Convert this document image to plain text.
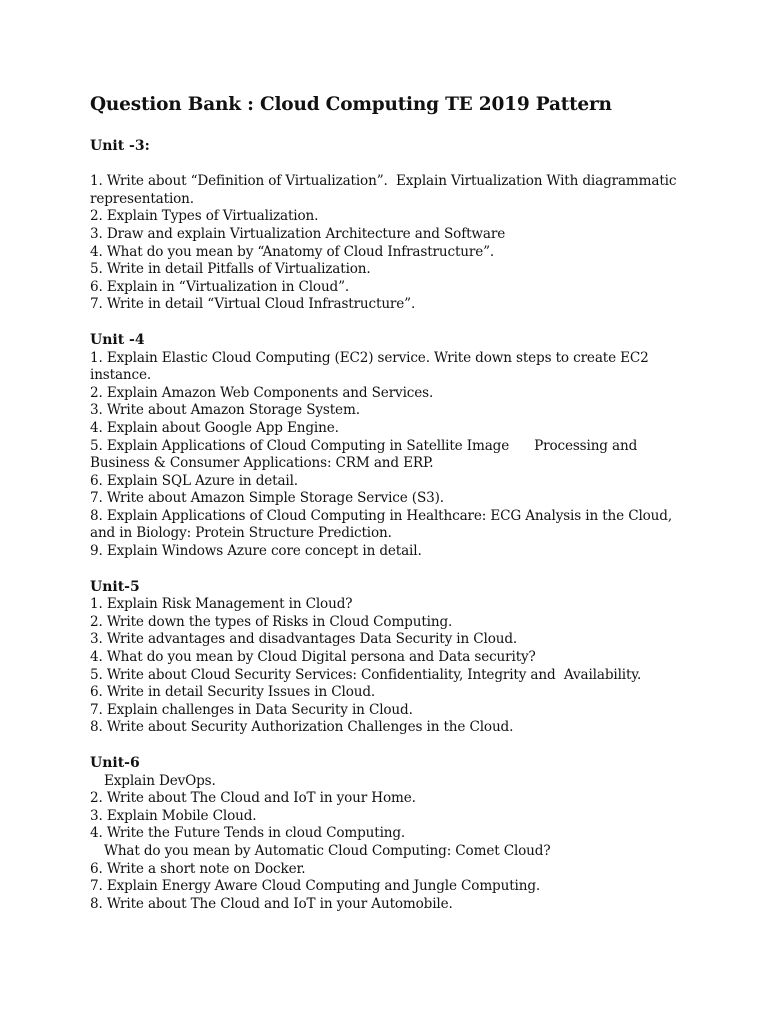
Question Bank : Cloud Computing TE 2019 Pattern
Unit -3:
1. Write about “Definition of Virtualization”.  Explain Virtualization With diagrammatic representation.
2. Explain Types of Virtualization.
3. Draw and explain Virtualization Architecture and Software
4. What do you mean by “Anatomy of Cloud Infrastructure”.
5. Write in detail Pitfalls of Virtualization.
6. Explain in “Virtualization in Cloud”.
7. Write in detail “Virtual Cloud Infrastructure”.
Unit -4
1. Explain Elastic Cloud Computing (EC2) service. Write down steps to create EC2 instance.
2. Explain Amazon Web Components and Services.
3. Write about Amazon Storage System.
4. Explain about Google App Engine.
5. Explain Applications of Cloud Computing in Satellite Image      Processing and Business & Consumer Applications: CRM and ERP.
6. Explain SQL Azure in detail.
7. Write about Amazon Simple Storage Service (S3).
8. Explain Applications of Cloud Computing in Healthcare: ECG Analysis in the Cloud, and in Biology: Protein Structure Prediction.
9. Explain Windows Azure core concept in detail.
Unit-5
1. Explain Risk Management in Cloud?
2. Write down the types of Risks in Cloud Computing.
3. Write advantages and disadvantages Data Security in Cloud.
4. What do you mean by Cloud Digital persona and Data security?
5. Write about Cloud Security Services: Confidentiality, Integrity and  Availability.
6. Write in detail Security Issues in Cloud.
7. Explain challenges in Data Security in Cloud.
8. Write about Security Authorization Challenges in the Cloud.
Unit-6
Explain DevOps.
2. Write about The Cloud and IoT in your Home.
3. Explain Mobile Cloud.
4. Write the Future Tends in cloud Computing.
What do you mean by Automatic Cloud Computing: Comet Cloud?
6. Write a short note on Docker.
7. Explain Energy Aware Cloud Computing and Jungle Computing.
8. Write about The Cloud and IoT in your Automobile.
